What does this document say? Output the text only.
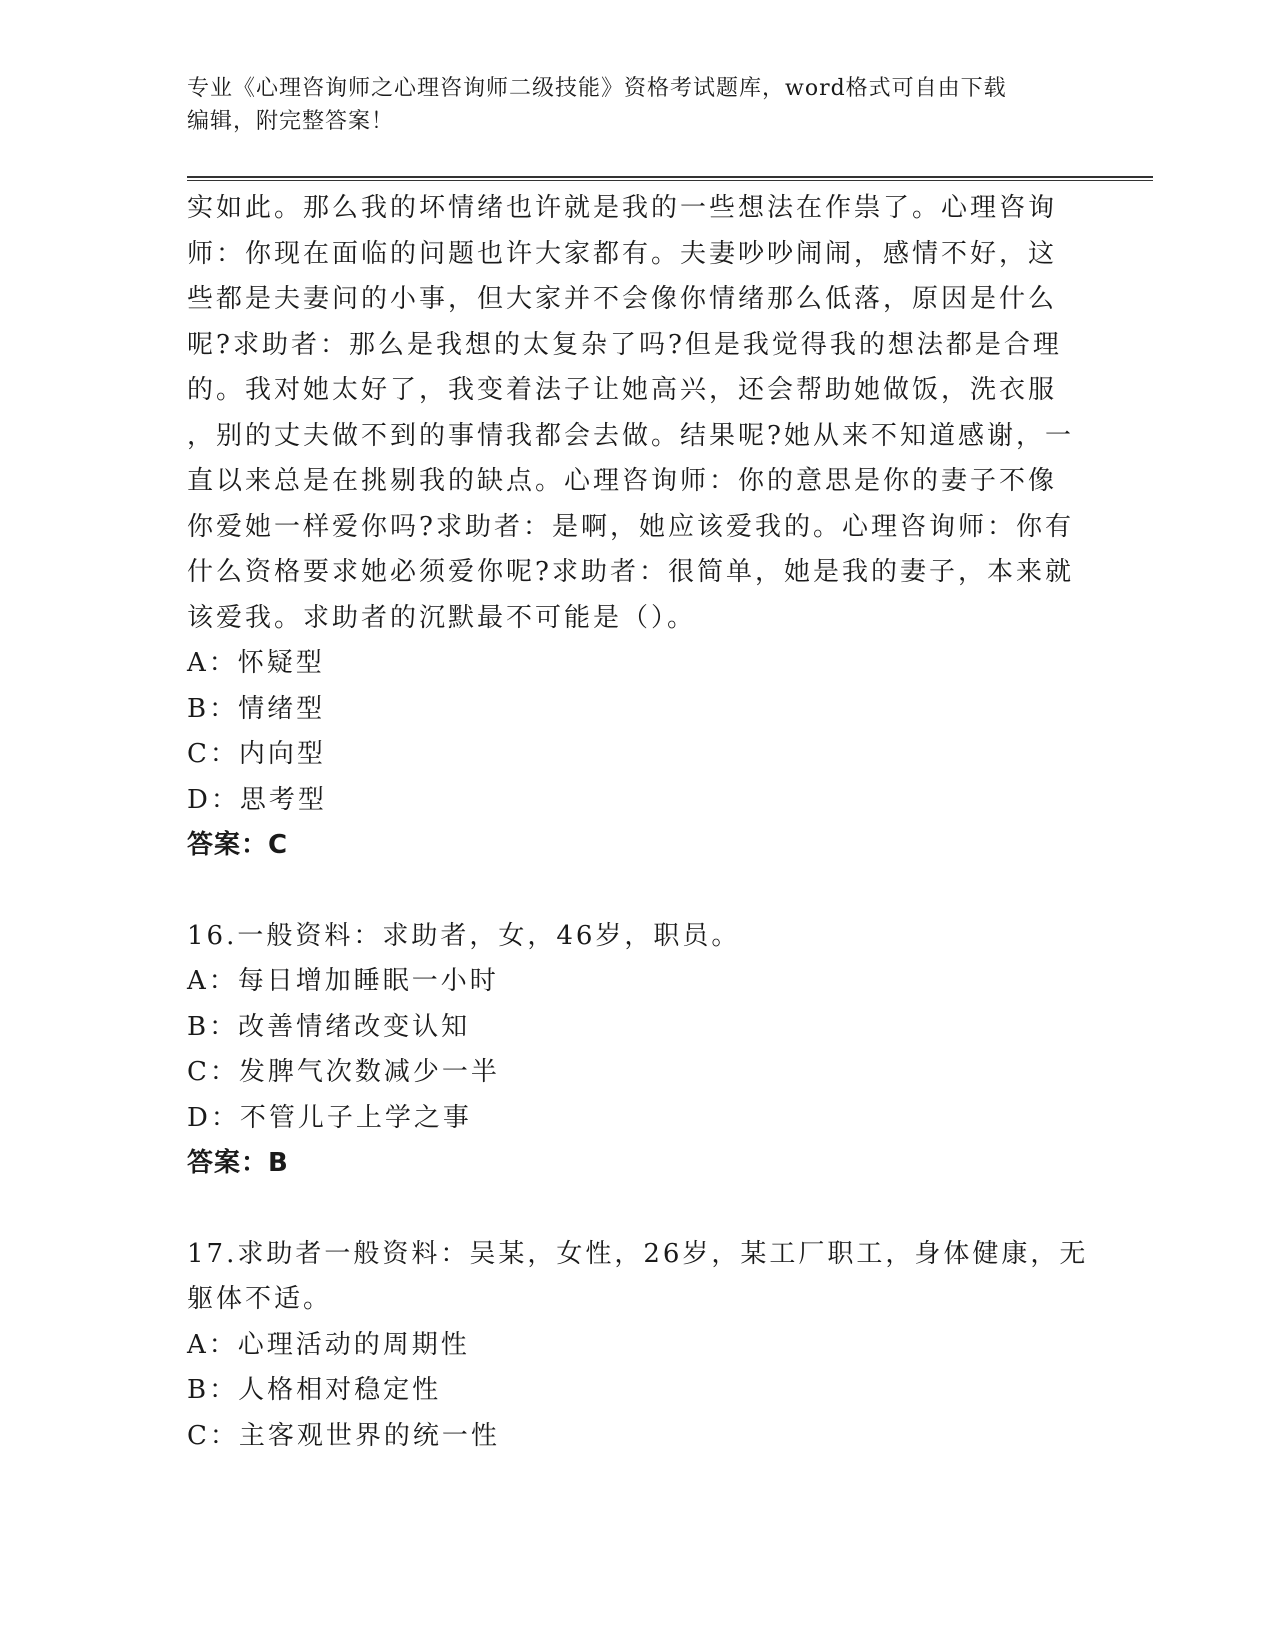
专业《心理咨询师之心理咨询师二级技能》资格考试题库，word格式可自由下载
编辑，附完整答案！
实如此。那么我的坏情绪也许就是我的一些想法在作祟了。心理咨询
师：你现在面临的问题也许大家都有。夫妻吵吵闹闹，感情不好，这
些都是夫妻问的小事，但大家并不会像你情绪那么低落，原因是什么
呢?求助者：那么是我想的太复杂了吗?但是我觉得我的想法都是合理
的。我对她太好了，我变着法子让她高兴，还会帮助她做饭，洗衣服
，别的丈夫做不到的事情我都会去做。结果呢?她从来不知道感谢，一
直以来总是在挑剔我的缺点。心理咨询师：你的意思是你的妻子不像
你爱她一样爱你吗?求助者：是啊，她应该爱我的。心理咨询师：你有
什么资格要求她必须爱你呢?求助者：很简单，她是我的妻子，本来就
该爱我。求助者的沉默最不可能是（）。
A：怀疑型
B：情绪型
C：内向型
D：思考型
答案：C
16.一般资料：求助者，女，46岁，职员。
A：每日增加睡眠一小时
B：改善情绪改变认知
C：发脾气次数减少一半
D：不管儿子上学之事
答案：B
17.求助者一般资料：吴某，女性，26岁，某工厂职工，身体健康，无
躯体不适。
A：心理活动的周期性
B：人格相对稳定性
C：主客观世界的统一性
